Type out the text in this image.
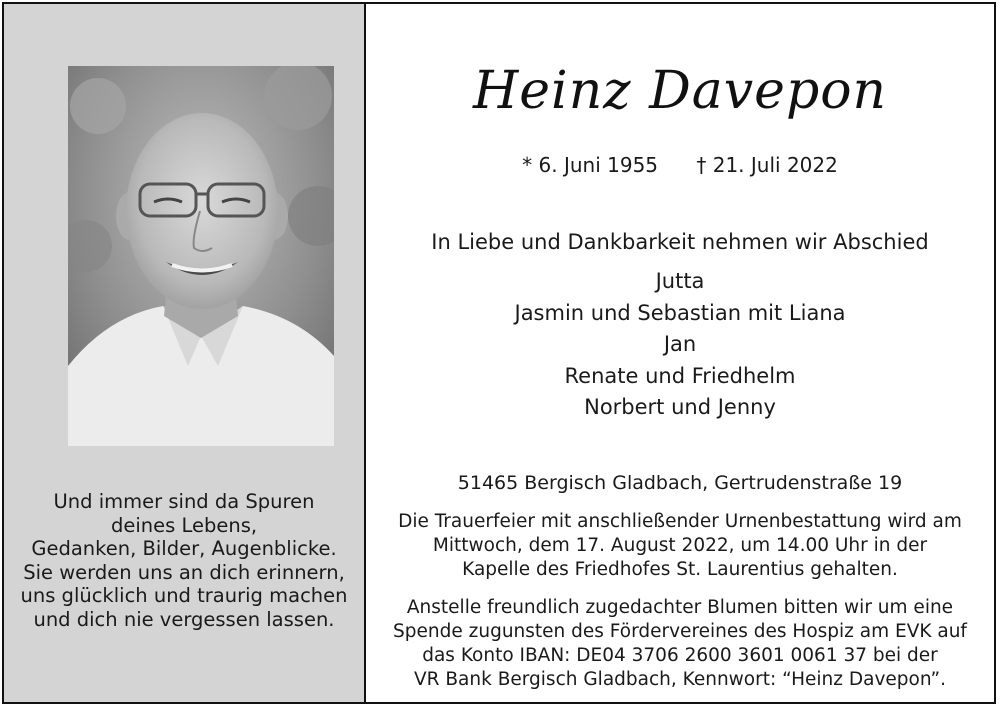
Und immer sind da Spuren
deines Lebens,
Gedanken, Bilder, Augenblicke.
Sie werden uns an dich erinnern,
uns glücklich und traurig machen
und dich nie vergessen lassen.
Heinz Davepon
* 6. Juni 1955 † 21. Juli 2022
In Liebe und Dankbarkeit nehmen wir Abschied
Jutta
Jasmin und Sebastian mit Liana
Jan
Renate und Friedhelm
Norbert und Jenny
51465 Bergisch Gladbach, Gertrudenstraße 19
Die Trauerfeier mit anschließender Urnenbestattung wird am
Mittwoch, dem 17. August 2022, um 14.00 Uhr in der
Kapelle des Friedhofes St. Laurentius gehalten.
Anstelle freundlich zugedachter Blumen bitten wir um eine
Spende zugunsten des Fördervereines des Hospiz am EVK auf
das Konto IBAN: DE04 3706 2600 3601 0061 37 bei der
VR Bank Bergisch Gladbach, Kennwort: “Heinz Davepon”.
